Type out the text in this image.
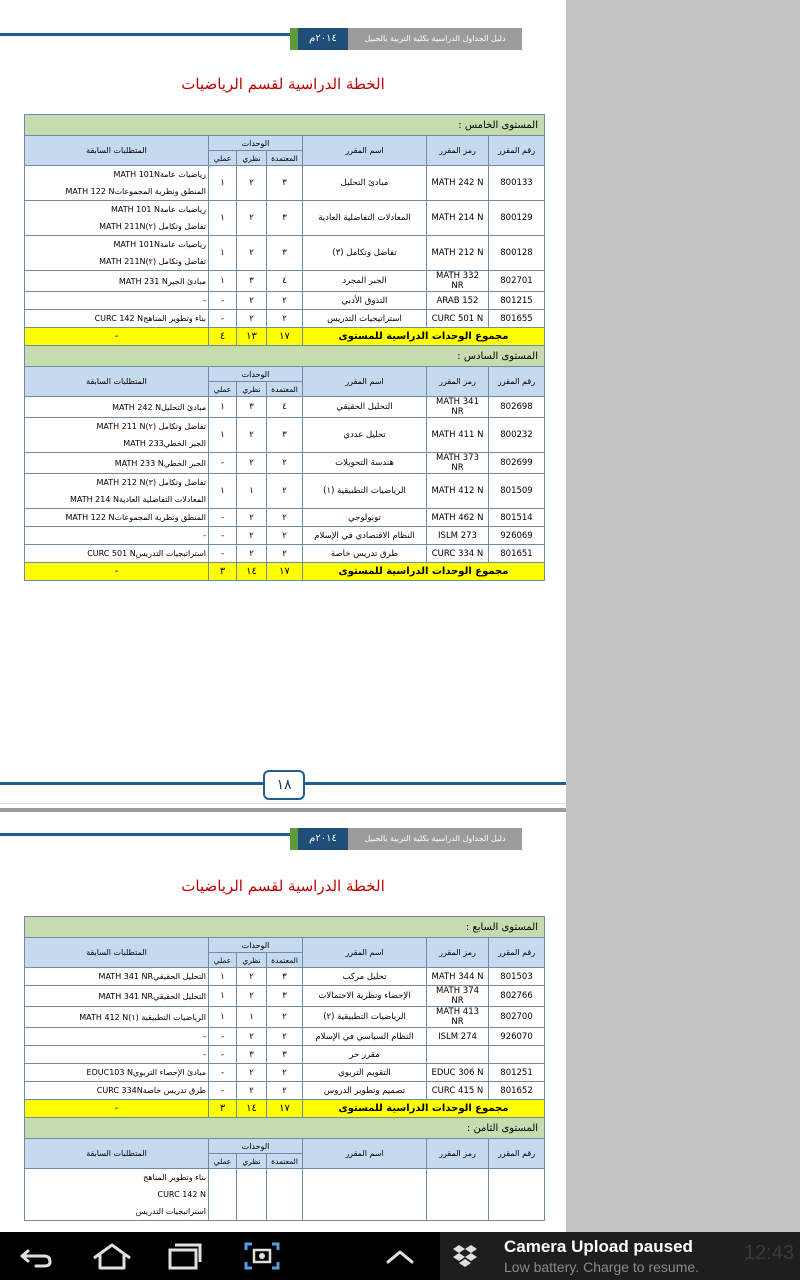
٢٠١٤م	دليل الجداول الدراسية بكلية التربية بالجبيل
الخطة الدراسية لقسم الرياضيات
المستوى الخامس :						
رقم المقرر	رمز المقرر	اسم المقرر	الوحدات			المتطلبات السابقة
			المعتمدة	نظري	عملي	
800133	MATH 242 N	مبادئ التحليل	٣	٢	١	رياضيات عامةMATH 101N
المنطق ونظرية المجموعاتMATH 122 N

800129	MATH 214 N	المعادلات التفاضلية العادية	٣	٢	١	رياضيات عامةMATH 101 N
تفاضل وتكامل (٢)MATH 211N

800128	MATH 212 N	تفاضل وتكامل (٣)	٣	٢	١	رياضيات عامةMATH 101N
تفاضل وتكامل (٢)MATH 211N

802701	MATH 332 NR	الجبر المجرد	٤	٣	١	مبادئ الجبرMATH 231 N

801215	ARAB 152	التذوق الأدبي	٢	٢	-	-

801655	CURC 501 N	استراتيجيات التدريس	٢	٢	-	بناء وتطوير المناهجCURC 142 N

مجموع الوحدات الدراسية للمستوى			١٧	١٣	٤	-
المستوى السادس :						
رقم المقرر	رمز المقرر	اسم المقرر	الوحدات			المتطلبات السابقة
			المعتمدة	نظري	عملي	
802698	MATH 341 NR	التحليل الحقيقي	٤	٣	١	مبادئ التحليلMATH 242 N

800232	MATH 411 N	تحليل عددي	٣	٢	١	تفاضل وتكامل (٢)MATH 211 N
الجبر الخطيMATH 233

802699	MATH 373 NR	هندسة التحويلات	٢	٢	-	الجبر الخطيMATH 233 N

801509	MATH 412 N	الرياضيات التطبيقية (١)	٢	١	١	تفاضل وتكامل (٣)MATH 212 N
المعادلات التفاضلية العاديةMATH 214 N

801514	MATH 462 N	توبولوجي	٢	٢	-	المنطق ونظرية المجموعاتMATH 122 N

926069	ISLM 273	النظام الاقتصادي في الإسلام	٢	٢	-	-

801651	CURC 334 N	طرق تدريس خاصة	٢	٢	-	استراتيجيات التدريسCURC 501 N

مجموع الوحدات الدراسية للمستوى			١٧	١٤	٣	-
١٨
٢٠١٤م	دليل الجداول الدراسية بكلية التربية بالجبيل
الخطة الدراسية لقسم الرياضيات
المستوى السابع :						
رقم المقرر	رمز المقرر	اسم المقرر	الوحدات			المتطلبات السابقة
			المعتمدة	نظري	عملي	
801503	MATH 344 N	تحليل مركب	٣	٢	١	التحليل الحقيقيMATH 341 NR

802766	MATH 374 NR	الإحصاء ونظرية الاحتمالات	٣	٢	١	التحليل الحقيقيMATH 341 NR

802700	MATH 413 NR	الرياضيات التطبيقية (٢)	٢	١	١	الرياضيات التطبيقية (١)MATH 412 N

926070	ISLM 274	النظام السياسي في الإسلام	٢	٢	-	-

		مقرر حر	٣	٣	-	-

801251	EDUC 306 N	التقويم التربوي	٢	٢	-	مبادئ الإحصاء التربويEDUC103 N

801652	CURC 415 N	تصميم وتطوير الدروس	٢	٢	-	طرق تدريس خاصةCURC 334N

مجموع الوحدات الدراسية للمستوى			١٧	١٤	٣	-
المستوى الثامن :						
رقم المقرر	رمز المقرر	اسم المقرر	الوحدات			المتطلبات السابقة
			المعتمدة	نظري	عملي	

						بناء وتطوير المناهج
CURC 142 N
استراتيجيات التدريس
12:43
Camera Upload paused
Low battery. Charge to resume.
